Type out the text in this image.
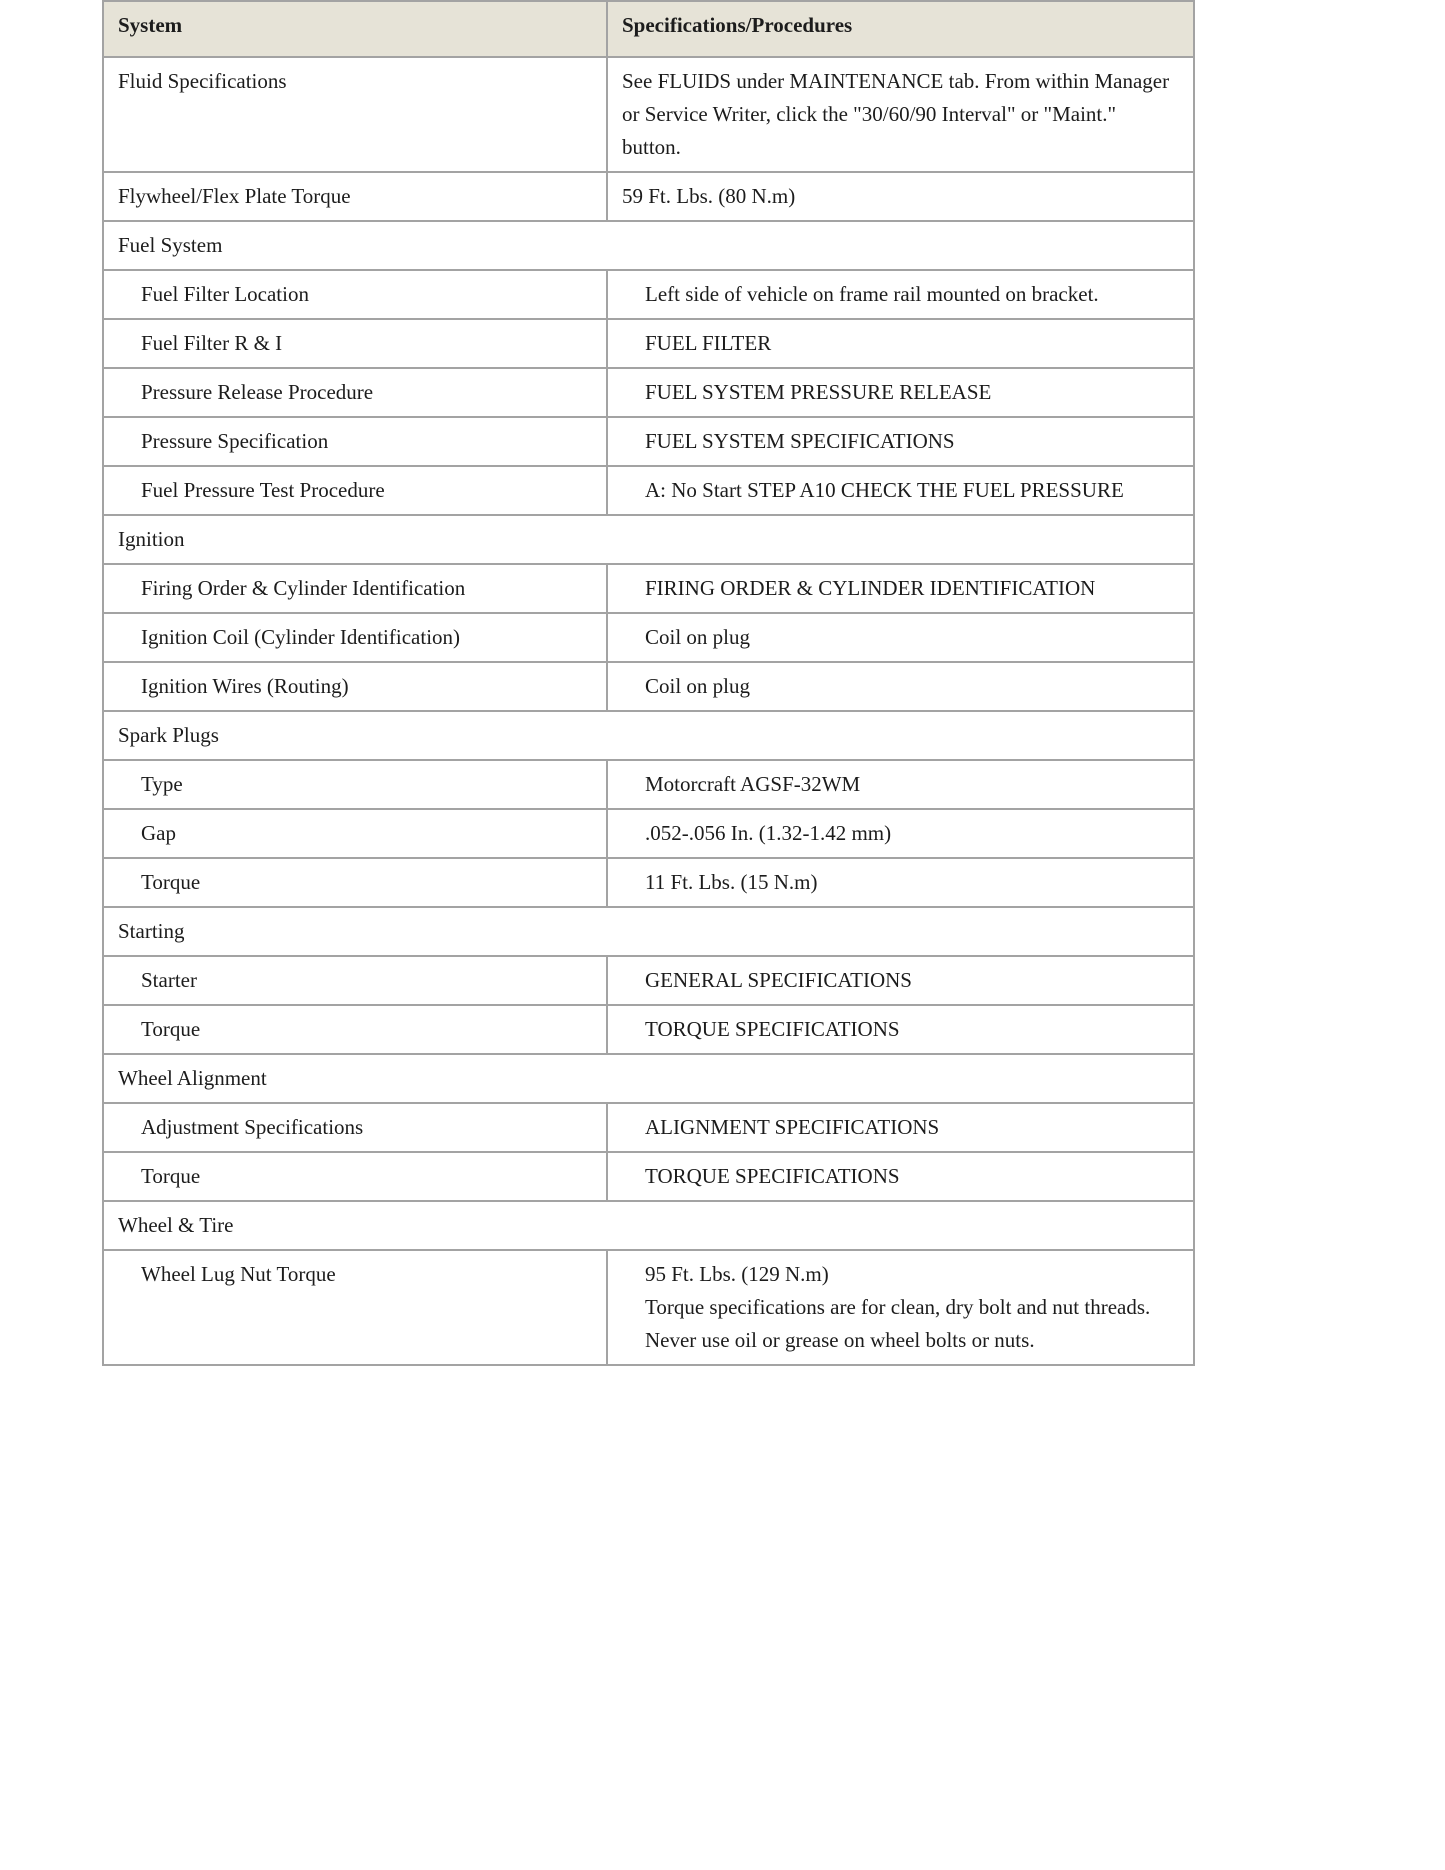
System	Specifications/Procedures
Fluid Specifications	See FLUIDS under MAINTENANCE tab. From within Manager or Service Writer, click the "30/60/90 Interval" or "Maint." button.
Flywheel/Flex Plate Torque	59 Ft. Lbs. (80 N.m)
Fuel System	
Fuel Filter Location	Left side of vehicle on frame rail mounted on bracket.
Fuel Filter R & I	FUEL FILTER
Pressure Release Procedure	FUEL SYSTEM PRESSURE RELEASE
Pressure Specification	FUEL SYSTEM SPECIFICATIONS
Fuel Pressure Test Procedure	A: No Start STEP A10 CHECK THE FUEL PRESSURE
Ignition	
Firing Order & Cylinder Identification	FIRING ORDER & CYLINDER IDENTIFICATION
Ignition Coil (Cylinder Identification)	Coil on plug
Ignition Wires (Routing)	Coil on plug
Spark Plugs	
Type	Motorcraft AGSF-32WM
Gap	.052-.056 In. (1.32-1.42 mm)
Torque	11 Ft. Lbs. (15 N.m)
Starting	
Starter	GENERAL SPECIFICATIONS
Torque	TORQUE SPECIFICATIONS
Wheel Alignment	
Adjustment Specifications	ALIGNMENT SPECIFICATIONS
Torque	TORQUE SPECIFICATIONS
Wheel & Tire	
Wheel Lug Nut Torque	95 Ft. Lbs. (129 N.m)
Torque specifications are for clean, dry bolt and nut threads. Never use oil or grease on wheel bolts or nuts.
